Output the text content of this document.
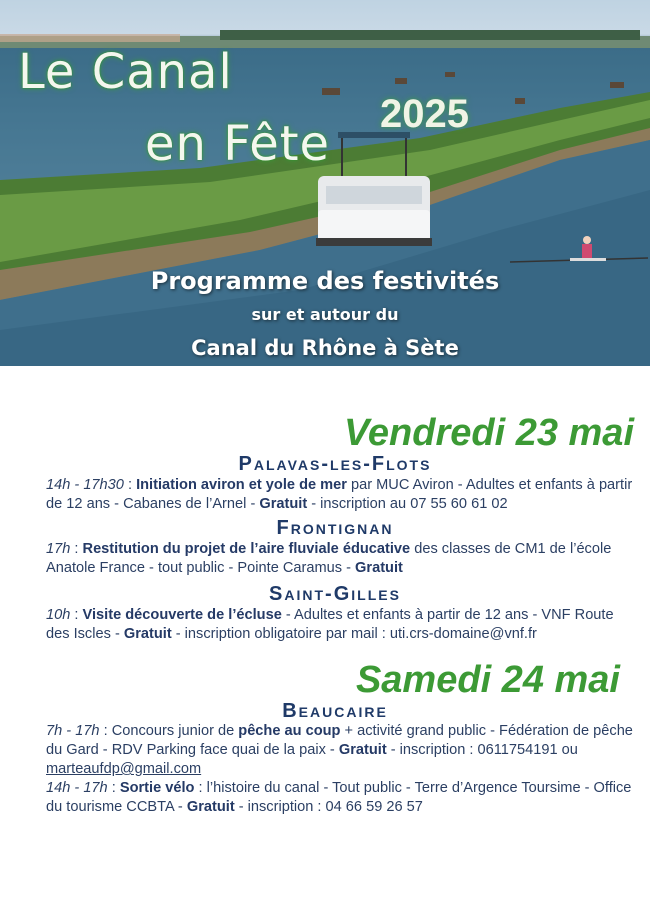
Le Canal

en Fête

2025

Programme des festivités

sur et autour du

Canal du Rhône à Sète

Vendredi 23 mai
Palavas-les-Flots

14h - 17h30 : Initiation aviron et yole de mer par MUC Aviron - Adultes et enfants à partir de 12 ans - Cabanes de l’Arnel - Gratuit - inscription au 07 55 60 61 02

Frontignan

17h : Restitution du projet de l’aire fluviale éducative des classes de CM1 de l’école Anatole France - tout public - Pointe Caramus - Gratuit

Saint-Gilles

10h : Visite découverte de l’écluse - Adultes et enfants à partir de 12 ans - VNF Route des Iscles - Gratuit - inscription obligatoire par mail : uti.crs-domaine@vnf.fr

Samedi 24 mai
Beaucaire

7h - 17h : Concours junior de pêche au coup + activité grand public - Fédération de pêche du Gard - RDV Parking face quai de la paix - Gratuit - inscription : 0611754191 ou marteaufdp@gmail.com

14h - 17h : Sortie vélo : l’histoire du canal - Tout public - Terre d’Argence Toursime - Office du tourisme CCBTA - Gratuit - inscription : 04 66 59 26 57
